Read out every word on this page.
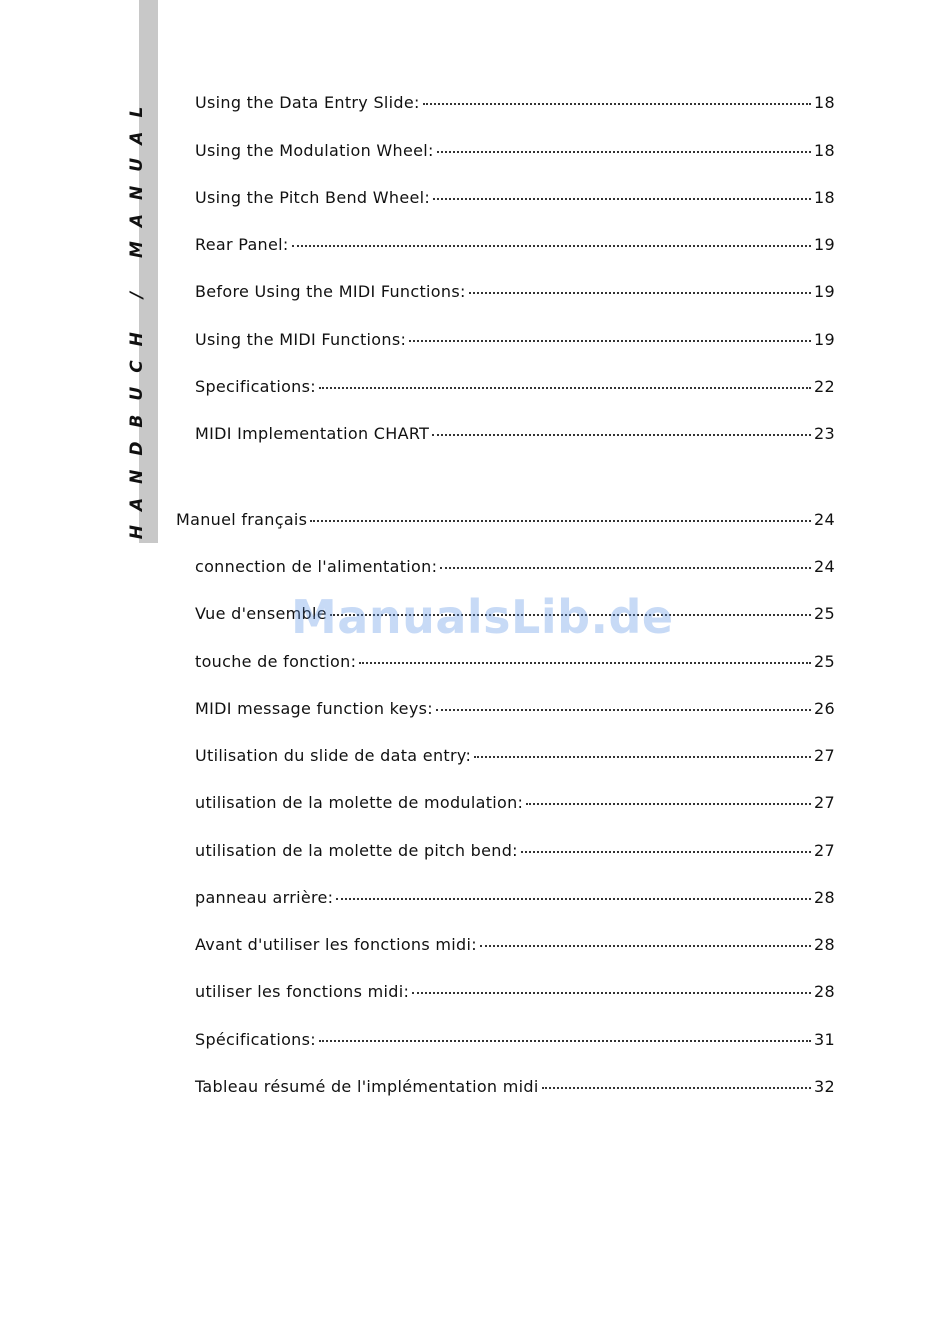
HANDBUCH / MANUAL	Using the Data Entry Slide:	18
Using the Modulation Wheel:	18
Using the Pitch Bend Wheel:	18
Rear Panel:	19
Before Using the MIDI Functions:	19
Using the MIDI Functions:	19
Specifications:	22
MIDI Implementation CHART	23
Manuel français	24
connection de l'alimentation:	24
Vue d'ensemble	25
touche de fonction:	25
MIDI message function keys:	26
Utilisation du slide de data entry:	27
utilisation de la molette de modulation:	27
utilisation de la molette de pitch bend:	27
panneau arrière:	28
Avant d'utiliser les fonctions midi:	28
utiliser les fonctions midi:	28
Spécifications:	31
Tableau résumé de l'implémentation midi	32
ManualsLib.de
